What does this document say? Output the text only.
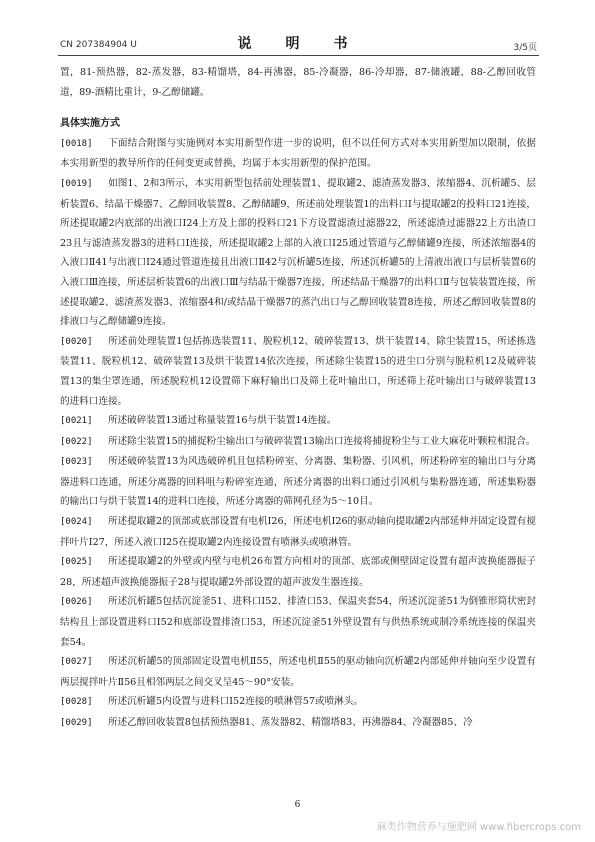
CN 207384904 U	说　明　书	3/5页

置，81-预热器，82-蒸发器，83-精馏塔，84-再沸器，85-冷凝器，86-冷却器，87-储液罐，88-乙醇回收管道，89-酒精比重计，9-乙醇储罐。

具体实施方式

[0018] 下面结合附图与实施例对本实用新型作进一步的说明，但不以任何方式对本实用新型加以限制，依据本实用新型的教导所作的任何变更或替换，均属于本实用新型的保护范围。

[0019] 如图1、2和3所示，本实用新型包括前处理装置1、提取罐2、滤渣蒸发器3、浓缩器4、沉析罐5、层析装置6、结晶干燥器7、乙醇回收装置8、乙醇储罐9，所述前处理装置1的出料口Ⅰ与提取罐2的投料口21连接，所述提取罐2内底部的出液口Ⅰ24上方及上部的投料口21下方设置滤渣过滤器22，所述滤渣过滤器22上方出渣口23且与滤渣蒸发器3的进料口Ⅰ连接，所述提取罐2上部的入液口Ⅰ25通过管道与乙醇储罐9连接，所述浓缩器4的入液口Ⅱ41与出液口Ⅰ24通过管道连接且出液口Ⅱ42与沉析罐5连接，所述沉析罐5的上清液出液口与层析装置6的入液口Ⅲ连接，所述层析装置6的出液口Ⅲ与结晶干燥器7连接，所述结晶干燥器7的出料口Ⅱ与包装装置连接，所述提取罐2、滤渣蒸发器3、浓缩器4和/或结晶干燥器7的蒸汽出口与乙醇回收装置8连接，所述乙醇回收装置8的排液口与乙醇储罐9连接。

[0020] 所述前处理装置1包括拣选装置11、脱粒机12、破碎装置13、烘干装置14、除尘装置15，所述拣选装置11、脱粒机12、破碎装置13及烘干装置14依次连接，所述除尘装置15的进尘口分别与脱粒机12及破碎装置13的集尘罩连通，所述脱粒机12设置筛下麻籽输出口及筛上花叶输出口，所述筛上花叶输出口与破碎装置13的进料口连接。

[0021] 所述破碎装置13通过称量装置16与烘干装置14连接。

[0022] 所述除尘装置15的捕捉粉尘输出口与破碎装置13输出口连接将捕捉粉尘与工业大麻花叶颗粒相混合。

[0023] 所述破碎装置13为风选破碎机且包括粉碎室、分离器、集粉器、引风机，所述粉碎室的输出口与分离器进料口连通，所述分离器的回料咀与粉碎室连通，所述分离器的出料口通过引风机与集粉器连通，所述集粉器的输出口与烘干装置14的进料口连接，所述分离器的筛网孔径为5～10目。

[0024] 所述提取罐2的顶部或底部设置有电机Ⅰ26，所述电机Ⅰ26的驱动轴向提取罐2内部延伸并固定设置有搅拌叶片Ⅰ27，所述入液口Ⅰ25在提取罐2内连接设置有喷淋头或喷淋管。

[0025] 所述提取罐2的外壁或内壁与电机26布置方向相对的顶部、底部或侧壁固定设置有超声波换能器振子28，所述超声波换能器振子28与提取罐2外部设置的超声波发生器连接。

[0026] 所述沉析罐5包括沉淀釜51、进料口Ⅰ52、排渣口53、保温夹套54，所述沉淀釜51为倒锥形筒状密封结构且上部设置进料口Ⅰ52和底部设置排渣口53，所述沉淀釜51外壁设置有与供热系统或制冷系统连接的保温夹套54。

[0027] 所述沉析罐5的顶部固定设置电机Ⅱ55，所述电机Ⅱ55的驱动轴向沉析罐2内部延伸并轴向至少设置有两层搅拌叶片Ⅱ56且相邻两层之间交叉呈45～90°安装。

[0028] 所述沉析罐5内设置与进料口Ⅰ52连接的喷淋管57或喷淋头。

[0029] 所述乙醇回收装置8包括预热器81、蒸发器82、精馏塔83、再沸器84、冷凝器85、冷

6
麻类作物营养与施肥网 www.fibercrops.com
